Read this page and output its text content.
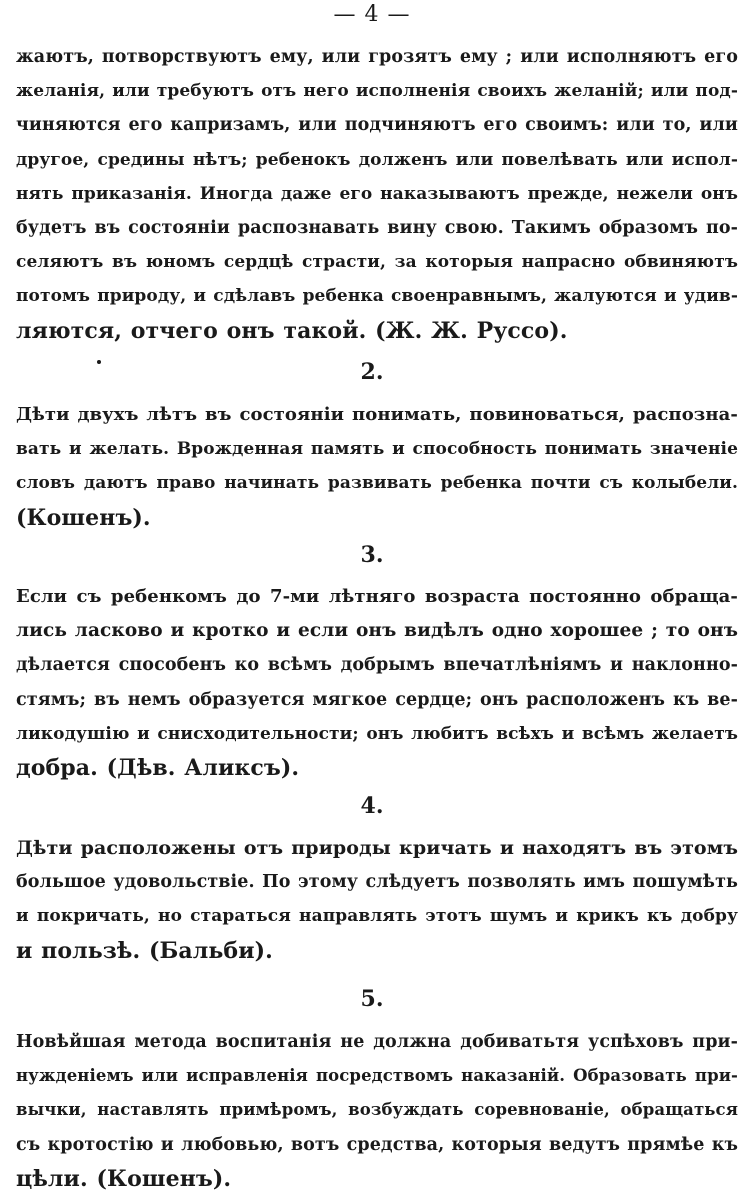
— 4 —
жаютъ, потворствуютъ ему, или грозятъ ему ; или исполняютъ его
желанія, или требуютъ отъ него исполненія своихъ желаній; или под-
чиняются его капризамъ, или подчиняютъ его своимъ: или то, или
другое, средины нѣтъ; ребенокъ долженъ или повелѣвать или испол-
нять приказанія. Иногда даже его наказываютъ прежде, нежели онъ
будетъ въ состояніи распознавать вину свою. Такимъ образомъ по-
селяютъ въ юномъ сердцѣ страсти, за которыя напрасно обвиняютъ
потомъ природу, и сдѣлавъ ребенка своенравнымъ, жалуются и удив-
ляются, отчего онъ такой. (Ж. Ж. Руссо).
2.
Дѣти двухъ лѣтъ въ состояніи понимать, повиноваться, распозна-
вать и желать. Врожденная память и способность понимать значеніе
словъ даютъ право начинать развивать ребенка почти съ колыбели.
(Кошенъ).
3.
Если съ ребенкомъ до 7-ми лѣтняго возраста постоянно обраща-
лись ласково и кротко и если онъ видѣлъ одно хорошее ; то онъ
дѣлается способенъ ко всѣмъ добрымъ впечатлѣніямъ и наклонно-
стямъ; въ немъ образуется мягкое сердце; онъ расположенъ къ ве-
ликодушію и снисходительности; онъ любитъ всѣхъ и всѣмъ желаетъ
добра. (Дѣв. Аликсъ).
4.
Дѣти расположены отъ природы кричать и находятъ въ этомъ
большое удовольствіе. По этому слѣдуетъ позволять имъ пошумѣть
и покричать, но стараться направлять этотъ шумъ и крикъ къ добру
и пользѣ. (Бальби).
5.
Новѣйшая метода воспитанія не должна добиватьтя успѣховъ при-
нужденіемъ или исправленія посредствомъ наказаній. Образовать при-
вычки, наставлять примѣромъ, возбуждать соревнованіе, обращаться
съ кротостію и любовью, вотъ средства, которыя ведутъ прямѣе къ
цѣли. (Кошенъ).
